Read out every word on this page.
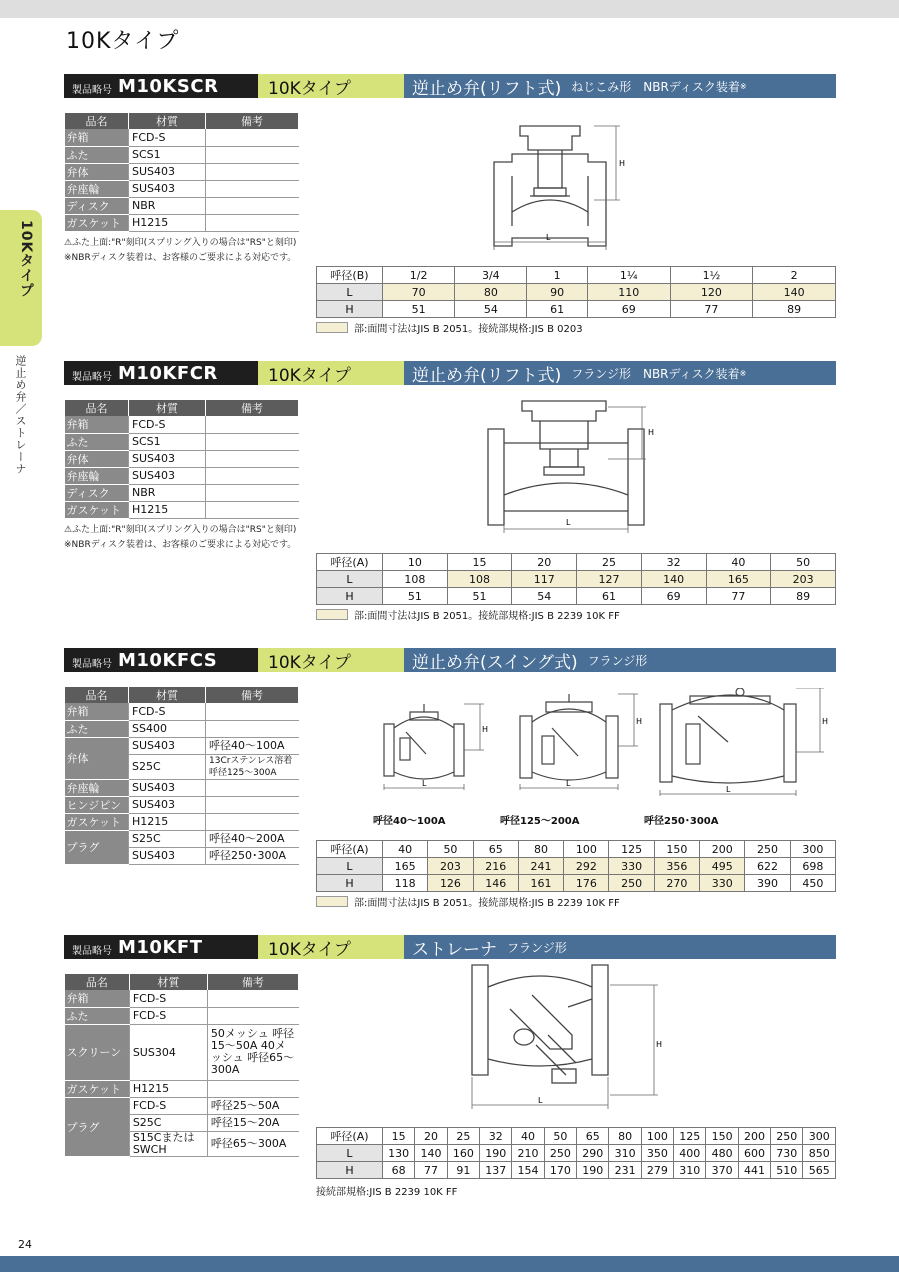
10Kタイプ
10Kタイプ
逆止め弁／ストレーナ
製品略号 M10KSCR	10Kタイプ	逆止め弁(リフト式) ねじこみ形　NBRディスク装着 ※
品名	材質	備考
弁箱	FCD-S	
ふた	SCS1	
弁体	SUS403	
弁座輪	SUS403	
ディスク	NBR	
ガスケット	H1215	
⚠ふた上面:"R"刻印(スプリング入りの場合は"RS"と刻印)
※NBRディスク装着は、お客様のご要求による対応です。
H
L
呼径(B)	1/2	3/4	1	1¼	1½	2
L	70	80	90	110	120	140
H	51	54	61	69	77	89
部:面間寸法はJIS B 2051。接続部規格:JIS B 0203
製品略号 M10KFCR	10Kタイプ	逆止め弁(リフト式) フランジ形　NBRディスク装着 ※
品名	材質	備考
弁箱	FCD-S	
ふた	SCS1	
弁体	SUS403	
弁座輪	SUS403	
ディスク	NBR	
ガスケット	H1215	
⚠ふた上面:"R"刻印(スプリング入りの場合は"RS"と刻印)
※NBRディスク装着は、お客様のご要求による対応です。
H
L
呼径(A)	10	15	20	25	32	40	50
L	108	108	117	127	140	165	203
H	51	51	54	61	69	77	89
部:面間寸法はJIS B 2051。接続部規格:JIS B 2239 10K FF
製品略号 M10KFCS	10Kタイプ	逆止め弁(スイング式) フランジ形
品名	材質	備考
弁箱	FCD-S	
ふた	SS400	
弁体	SUS403	呼径40～100A
	S25C	13Crステンレス溶着 呼径125～300A
弁座輪	SUS403	
ヒンジピン	SUS403	
ガスケット	H1215	
プラグ	S25C	呼径40～200A
	SUS403	呼径250･300A
H
L
H
L
H
L
呼径40～100A	呼径125～200A	呼径250･300A
呼径(A)	40	50	65	80	100	125	150	200	250	300
L	165	203	216	241	292	330	356	495	622	698
H	118	126	146	161	176	250	270	330	390	450
部:面間寸法はJIS B 2051。接続部規格:JIS B 2239 10K FF
製品略号 M10KFT	10Kタイプ	ストレーナ フランジ形
品名	材質	備考
弁箱	FCD-S	
ふた	FCD-S	
スクリーン	SUS304	50メッシュ 呼径15～50A 40メッシュ 呼径65～300A
ガスケット	H1215	
プラグ	FCD-S	呼径25～50A
	S25C	呼径15～20A
	S15Cまたは SWCH	呼径65～300A
H
L
呼径(A)	15	20	25	32	40	50	65	80	100	125	150	200	250	300
L	130	140	160	190	210	250	290	310	350	400	480	600	730	850
H	68	77	91	137	154	170	190	231	279	310	370	441	510	565
接続部規格:JIS B 2239 10K FF
24
